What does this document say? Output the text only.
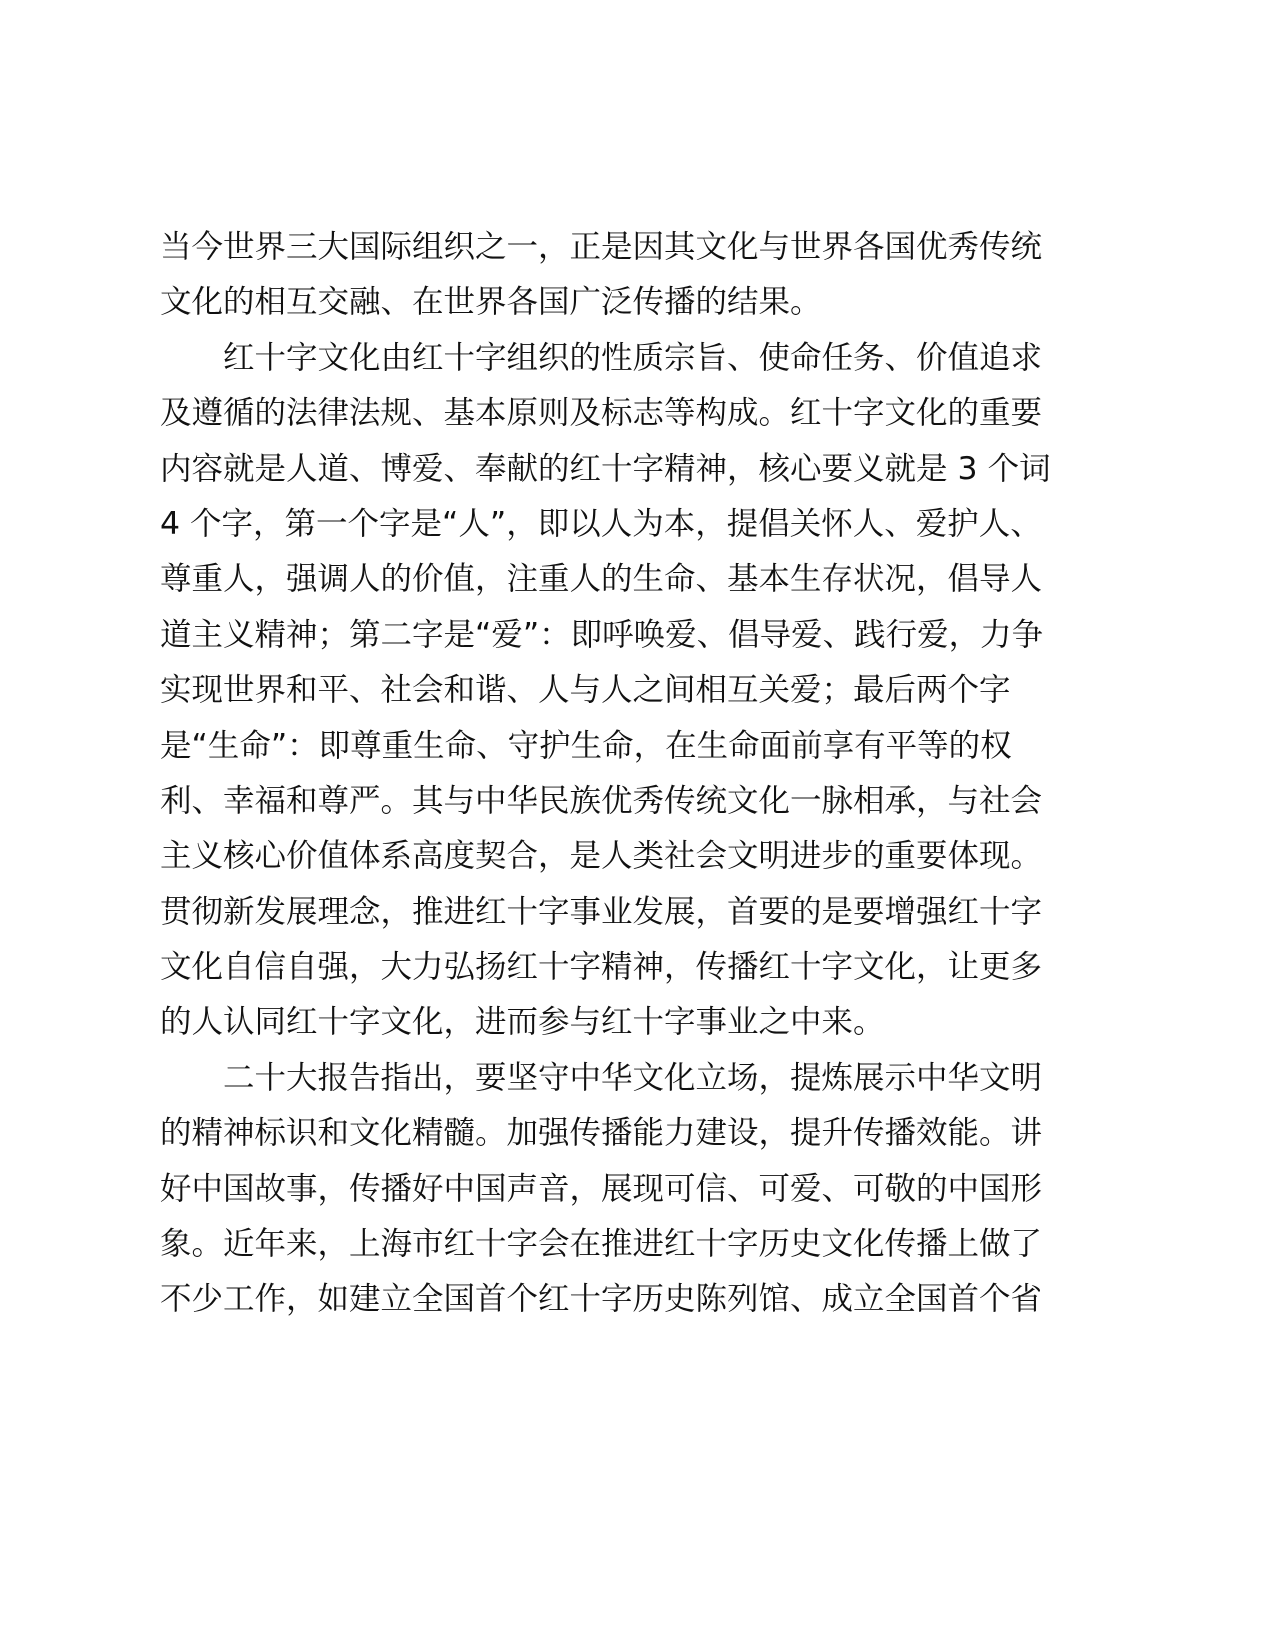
当今世界三大国际组织之一，正是因其文化与世界各国优秀传统
文化的相互交融、在世界各国广泛传播的结果。
红十字文化由红十字组织的性质宗旨、使命任务、价值追求
及遵循的法律法规、基本原则及标志等构成。红十字文化的重要
内容就是人道、博爱、奉献的红十字精神，核心要义就是 3 个词
4 个字，第一个字是“人”，即以人为本，提倡关怀人、爱护人、
尊重人，强调人的价值，注重人的生命、基本生存状况，倡导人
道主义精神；第二字是“爱”：即呼唤爱、倡导爱、践行爱，力争
实现世界和平、社会和谐、人与人之间相互关爱；最后两个字
是“生命”：即尊重生命、守护生命，在生命面前享有平等的权
利、幸福和尊严。其与中华民族优秀传统文化一脉相承，与社会
主义核心价值体系高度契合，是人类社会文明进步的重要体现。
贯彻新发展理念，推进红十字事业发展，首要的是要增强红十字
文化自信自强，大力弘扬红十字精神，传播红十字文化，让更多
的人认同红十字文化，进而参与红十字事业之中来。
二十大报告指出，要坚守中华文化立场，提炼展示中华文明
的精神标识和文化精髓。加强传播能力建设，提升传播效能。讲
好中国故事，传播好中国声音，展现可信、可爱、可敬的中国形
象。近年来，上海市红十字会在推进红十字历史文化传播上做了
不少工作，如建立全国首个红十字历史陈列馆、成立全国首个省
